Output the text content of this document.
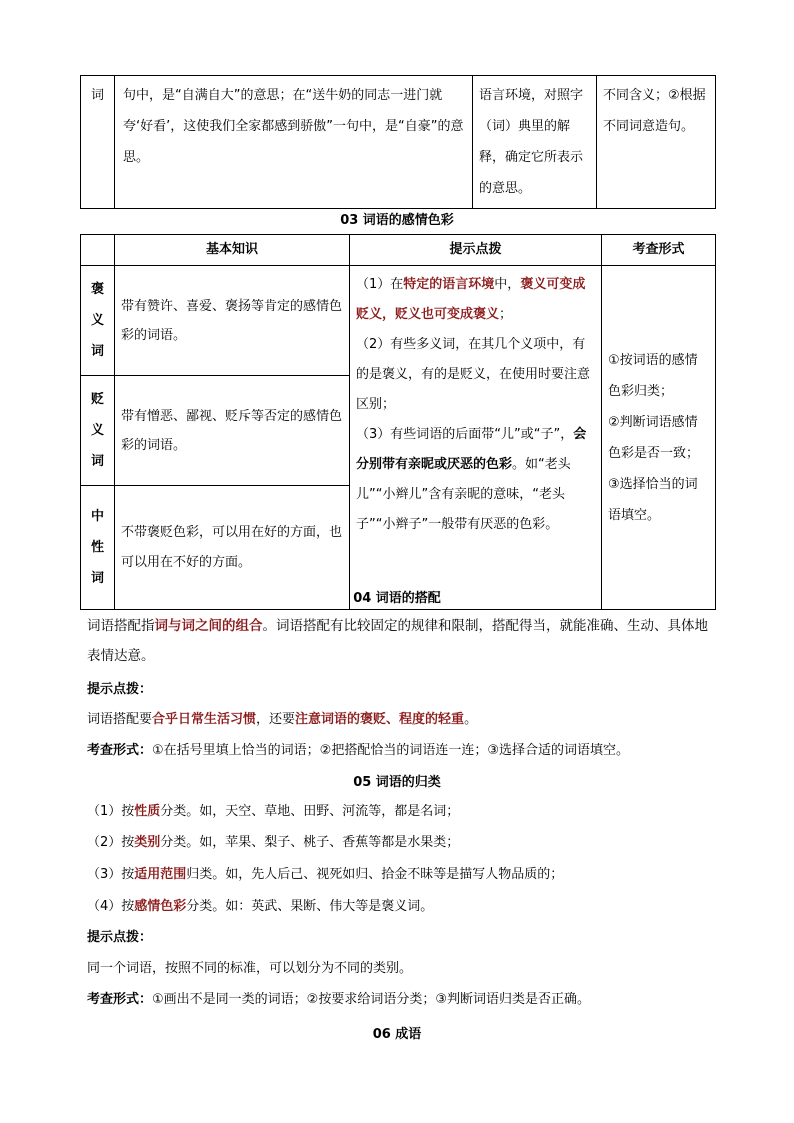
词	句中，是“自满自大”的意思；在“送牛奶的同志一进门就夸‘好看’，这使我们全家都感到骄傲”一句中，是“自豪”的意思。	语言环境，对照字（词）典里的解释，确定它所表示的意思。	不同含义；②根据不同词意造句。
03 词语的感情色彩
	基本知识	提示点拨	考查形式
褒
义
词	带有赞许、喜爱、褒扬等肯定的感情色彩的词语。	（1）在特定的语言环境中，褒义可变成贬义，贬义也可变成褒义；
（2）有些多义词，在其几个义项中，有的是褒义，有的是贬义，在使用时要注意区别；
（3）有些词语的后面带“儿”或“子”，会分别带有亲昵或厌恶的色彩。如“老头儿”“小辫儿”含有亲昵的意味，“老头子”“小辫子”一般带有厌恶的色彩。	①按词语的感情色彩归类；
②判断词语感情色彩是否一致；
③选择恰当的词语填空。
贬
义
词	带有憎恶、鄙视、贬斥等否定的感情色彩的词语。		
中
性
词	不带褒贬色彩，可以用在好的方面，也可以用在不好的方面。		
04 词语的搭配
词语搭配指词与词之间的组合。词语搭配有比较固定的规律和限制，搭配得当，就能准确、生动、具体地表情达意。
提示点拨：
词语搭配要合乎日常生活习惯，还要注意词语的褒贬、程度的轻重。
考查形式：①在括号里填上恰当的词语；②把搭配恰当的词语连一连；③选择合适的词语填空。
05 词语的归类
（1）按性质分类。如，天空、草地、田野、河流等，都是名词；
（2）按类别分类。如，苹果、梨子、桃子、香蕉等都是水果类；
（3）按适用范围归类。如，先人后己、视死如归、拾金不昧等是描写人物品质的；
（4）按感情色彩分类。如：英武、果断、伟大等是褒义词。
提示点拨：
同一个词语，按照不同的标准，可以划分为不同的类别。
考查形式：①画出不是同一类的词语；②按要求给词语分类；③判断词语归类是否正确。
06 成语
